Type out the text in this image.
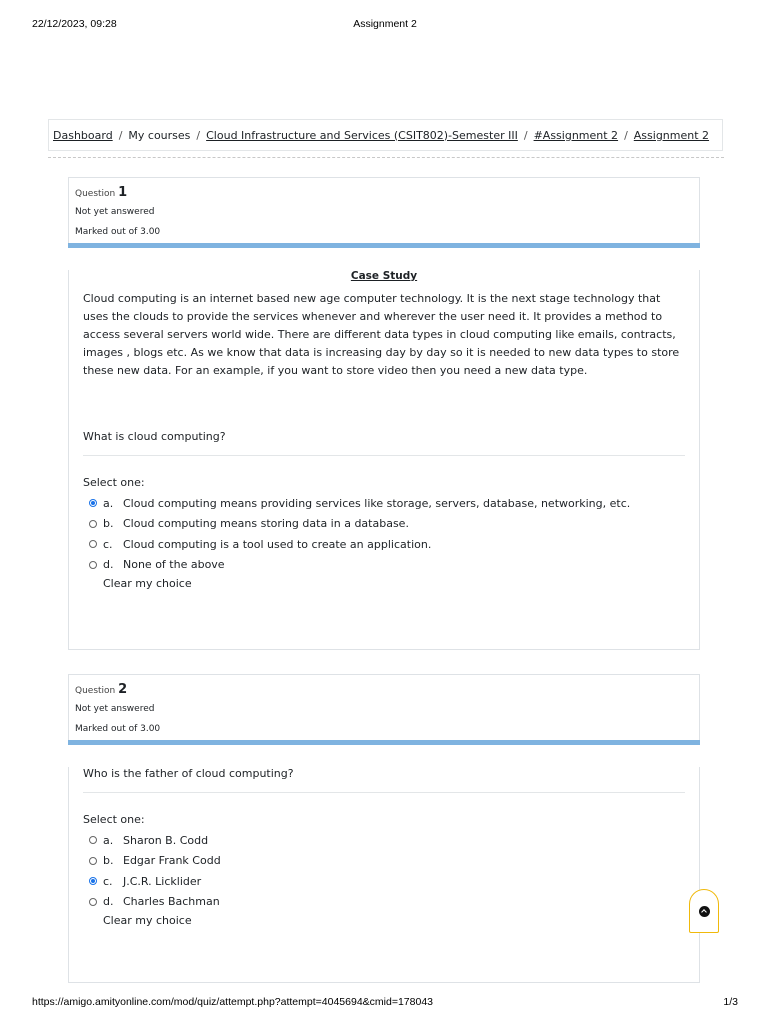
22/12/2023, 09:28	Assignment 2
Dashboard / My courses / Cloud Infrastructure and Services (CSIT802)-Semester III / #Assignment 2 / Assignment 2
Question 1
Not yet answered
Marked out of 3.00
Case Study
Cloud computing is an internet based new age computer technology. It is the next stage technology that uses the clouds to provide the services whenever and wherever the user need it. It provides a method to access several servers world wide. There are different data types in cloud computing like emails, contracts, images , blogs etc. As we know that data is increasing day by day so it is needed to new data types to store these new data. For an example, if you want to store video then you need a new data type.
What is cloud computing?
Select one:
a. Cloud computing means providing services like storage, servers, database, networking, etc.
b. Cloud computing means storing data in a database.
c. Cloud computing is a tool used to create an application.
d. None of the above
Clear my choice
Question 2
Not yet answered
Marked out of 3.00
Who is the father of cloud computing?
Select one:
a. Sharon B. Codd
b. Edgar Frank Codd
c. J.C.R. Licklider
d. Charles Bachman
Clear my choice
https://amigo.amityonline.com/mod/quiz/attempt.php?attempt=4045694&cmid=178043	1/3
